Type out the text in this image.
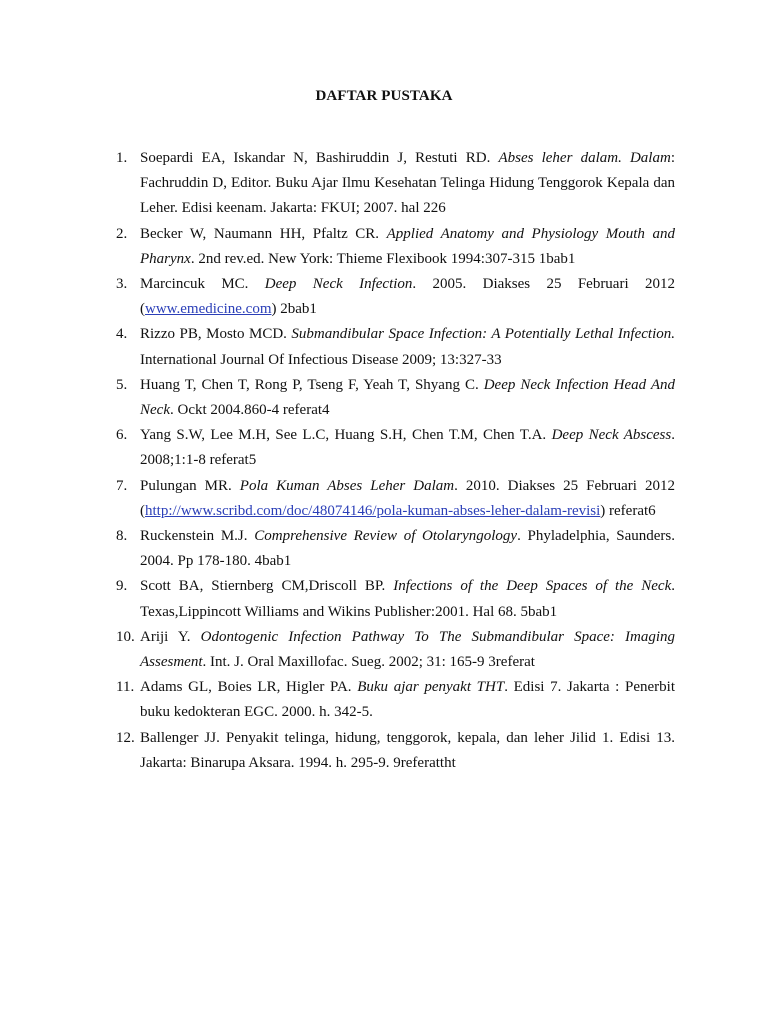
DAFTAR PUSTAKA
1. Soepardi EA, Iskandar N, Bashiruddin J, Restuti RD. Abses leher dalam. Dalam: Fachruddin D, Editor. Buku Ajar Ilmu Kesehatan Telinga Hidung Tenggorok Kepala dan Leher. Edisi keenam. Jakarta: FKUI; 2007. hal 226
2. Becker W, Naumann HH, Pfaltz CR. Applied Anatomy and Physiology Mouth and Pharynx. 2nd rev.ed. New York: Thieme Flexibook 1994:307-315 1bab1
3. Marcincuk MC. Deep Neck Infection. 2005. Diakses 25 Februari 2012 (www.emedicine.com) 2bab1
4. Rizzo PB, Mosto MCD. Submandibular Space Infection: A Potentially Lethal Infection. International Journal Of Infectious Disease 2009; 13:327-33
5. Huang T, Chen T, Rong P, Tseng F, Yeah T, Shyang C. Deep Neck Infection Head And Neck. Ockt 2004.860-4 referat4
6. Yang S.W, Lee M.H, See L.C, Huang S.H, Chen T.M, Chen T.A. Deep Neck Abscess. 2008;1:1-8 referat5
7. Pulungan MR. Pola Kuman Abses Leher Dalam. 2010. Diakses 25 Februari 2012 (http://www.scribd.com/doc/48074146/pola-kuman-abses-leher-dalam-revisi) referat6
8. Ruckenstein M.J. Comprehensive Review of Otolaryngology. Phyladelphia, Saunders. 2004. Pp 178-180. 4bab1
9. Scott BA, Stiernberg CM,Driscoll BP. Infections of the Deep Spaces of the Neck. Texas,Lippincott Williams and Wikins Publisher:2001. Hal 68. 5bab1
10. Ariji Y. Odontogenic Infection Pathway To The Submandibular Space: Imaging Assesment. Int. J. Oral Maxillofac. Sueg. 2002; 31: 165-9 3referat
11. Adams GL, Boies LR, Higler PA. Buku ajar penyakt THT. Edisi 7. Jakarta : Penerbit buku kedokteran EGC. 2000. h. 342-5.
12. Ballenger JJ. Penyakit telinga, hidung, tenggorok, kepala, dan leher Jilid 1. Edisi 13. Jakarta: Binarupa Aksara. 1994. h. 295-9. 9referattht
